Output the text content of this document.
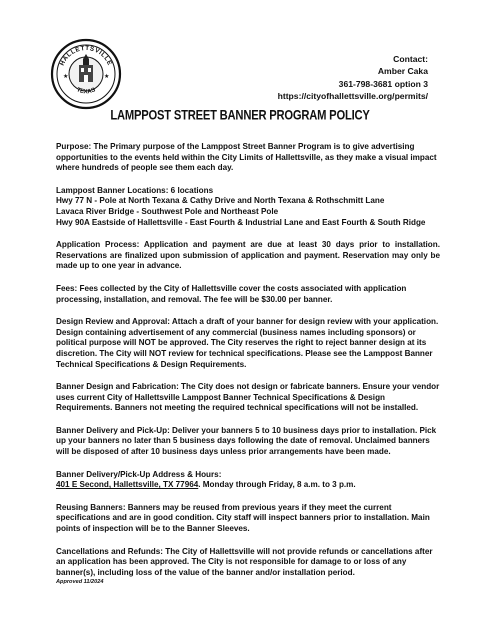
HALLETTSVILLE
TEXAS
★	★
Contact:
Amber Caka
361-798-3681 option 3
https://cityofhallettsville.org/permits/
LAMPPOST STREET BANNER PROGRAM POLICY

Purpose: The Primary purpose of the Lamppost Street Banner Program is to give advertising opportunities to the events held within the City Limits of Hallettsville, as they make a visual impact where hundreds of people see them each day.

Lamppost Banner Locations: 6 locations
Hwy 77 N - Pole at North Texana & Cathy Drive and North Texana & Rothschmitt Lane
Lavaca River Bridge - Southwest Pole and Northeast Pole
Hwy 90A Eastside of Hallettsville - East Fourth & Industrial Lane and East Fourth & South Ridge

Application Process: Application and payment are due at least 30 days prior to installation. Reservations are finalized upon submission of application and payment. Reservation may only be made up to one year in advance.

Fees: Fees collected by the City of Hallettsville cover the costs associated with application processing, installation, and removal. The fee will be $30.00 per banner.

Design Review and Approval: Attach a draft of your banner for design review with your application. Design containing advertisement of any commercial (business names including sponsors) or political purpose will NOT be approved. The City reserves the right to reject banner design at its discretion. The City will NOT review for technical specifications. Please see the Lamppost Banner Technical Specifications & Design Requirements.

Banner Design and Fabrication: The City does not design or fabricate banners. Ensure your vendor uses current City of Hallettsville Lamppost Banner Technical Specifications & Design Requirements. Banners not meeting the required technical specifications will not be installed.

Banner Delivery and Pick-Up: Deliver your banners 5 to 10 business days prior to installation. Pick up your banners no later than 5 business days following the date of removal. Unclaimed banners will be disposed of after 10 business days unless prior arrangements have been made.

Banner Delivery/Pick-Up Address & Hours:
401 E Second, Hallettsville, TX 77964. Monday through Friday, 8 a.m. to 3 p.m.

Reusing Banners: Banners may be reused from previous years if they meet the current specifications and are in good condition. City staff will inspect banners prior to installation. Main points of inspection will be to the Banner Sleeves.

Cancellations and Refunds: The City of Hallettsville will not provide refunds or cancellations after an application has been approved. The City is not responsible for damage to or loss of any banner(s), including loss of the value of the banner and/or installation period.

Approved 11/2024
